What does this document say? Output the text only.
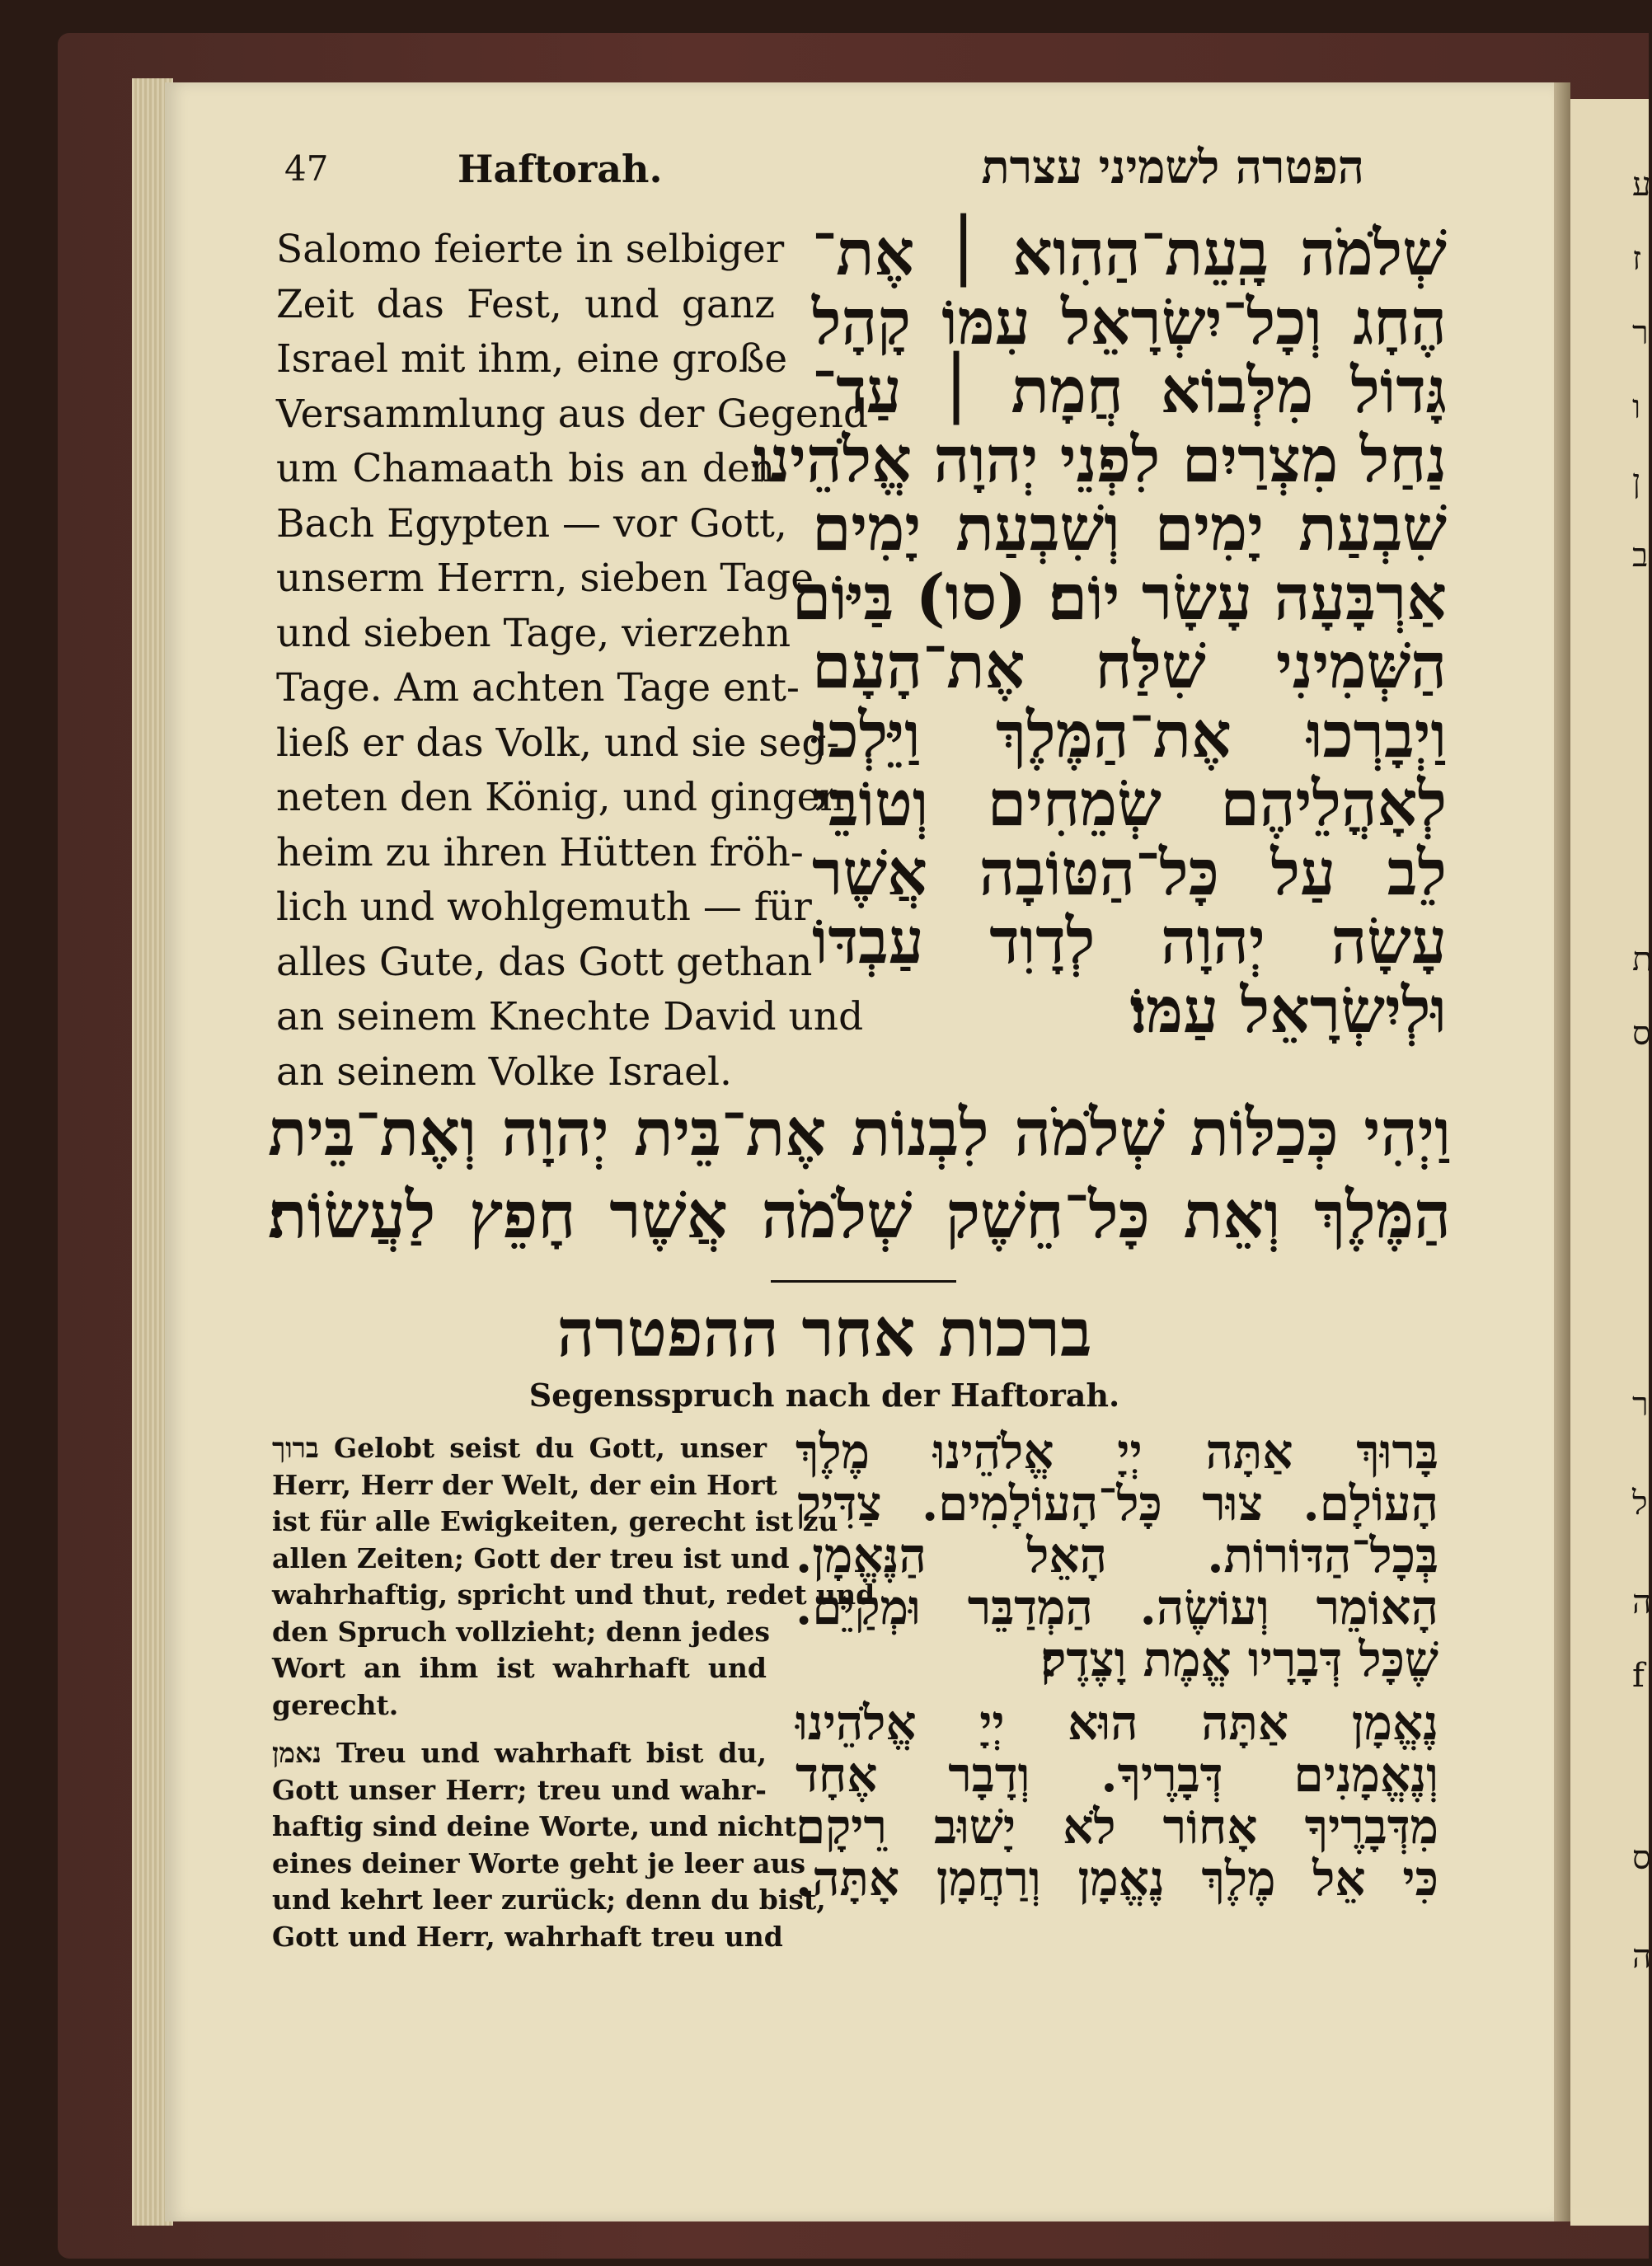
ע
ז
ר
ו
ן
ב
ת
ס
ר
ל
ה
f
ס
ה
47	Haftorah.	הפטרה לשמיני עצרת
Salomo feierte in selbiger
Zeit das Fest, und ganz
Israel mit ihm, eine große
Versammlung aus der Gegend
um Chamaath bis an den
Bach Egypten — vor Gott,
unserm Herrn, sieben Tage
und sieben Tage, vierzehn
Tage. Am achten Tage ent-
ließ er das Volk, und sie seg-
neten den König, und gingen
heim zu ihren Hütten fröh-
lich und wohlgemuth — für
alles Gute, das Gott gethan
an seinem Knechte David und
an seinem Volke Israel.
שְׁלֹמֹה בָֽעֵת־הַהִוא ׀ אֶת־
הֶחָג וְכָל־יִשְׂרָאֵל עִמּוֹ קָהָל
גָּדוֹל מִלְּבוֹא חֲמָת ׀ עַד־
נַחַל מִצְרַיִם לִפְנֵי יְהוָה אֱלֹהֵינוּ
שִׁבְעַת יָמִים וְשִׁבְעַת יָמִים
אַרְבָּעָה עָשָׂר יוֹם׃ (סו) בַּיּוֹם
הַשְּׁמִינִי שִׁלַּח אֶת־הָעָם
וַיְבָרְכוּ אֶת־הַמֶּלֶךְ וַיֵּלְכוּ
לְאָהֳלֵיהֶם שְׂמֵחִים וְטוֹבֵי
לֵב עַל כָּל־הַטּוֹבָה אֲשֶׁר
עָשָׂה יְהוָה לְדָוִד עַבְדּוֹ
וּלְיִשְׂרָאֵל עַמּוֹ׃
וַיְהִי כְּכַלּוֹת שְׁלֹמֹה לִבְנוֹת אֶת־בֵּית יְהוָה וְאֶת־בֵּית
הַמֶּלֶךְ וְאֵת כָּל־חֵשֶׁק שְׁלֹמֹה אֲשֶׁר חָפֵץ לַעֲשׂוֹת׃
ברכות אחר ההפטרה
Segensspruch nach der Haftorah.
ברוך Gelobt seist du Gott, unser
Herr, Herr der Welt, der ein Hort
ist für alle Ewigkeiten, gerecht ist zu
allen Zeiten; Gott der treu ist und
wahrhaftig, spricht und thut, redet und
den Spruch vollzieht; denn jedes
Wort an ihm ist wahrhaft und
gerecht.
נאמן Treu und wahrhaft bist du,
Gott unser Herr; treu und wahr-
haftig sind deine Worte, und nicht
eines deiner Worte geht je leer aus
und kehrt leer zurück; denn du bist,
Gott und Herr, wahrhaft treu und
בָּרוּךְ אַתָּה יְיָ אֱלֹהֵינוּ מֶלֶךְ
הָעוֹלָם. צוּר כָּל־הָעוֹלָמִים. צַדִּיק
בְּכָל־הַדּוֹרוֹת. הָאֵל הַנֶּאֱמָן.
הָאוֹמֵר וְעוֹשֶׂה. הַמְדַבֵּר וּמְקַיֵּם.
שֶׁכָּל דְּבָרָיו אֱמֶת וָצֶדֶק׃
נֶאֱמָן אַתָּה הוּא יְיָ אֱלֹהֵינוּ
וְנֶאֱמָנִים דְּבָרֶיךָ. וְדָבָר אֶחָד
מִדְּבָרֶיךָ אָחוֹר לֹא יָשׁוּב רֵיקָם
כִּי אֵל מֶלֶךְ נֶאֱמָן וְרַחֲמָן אָתָּה.
